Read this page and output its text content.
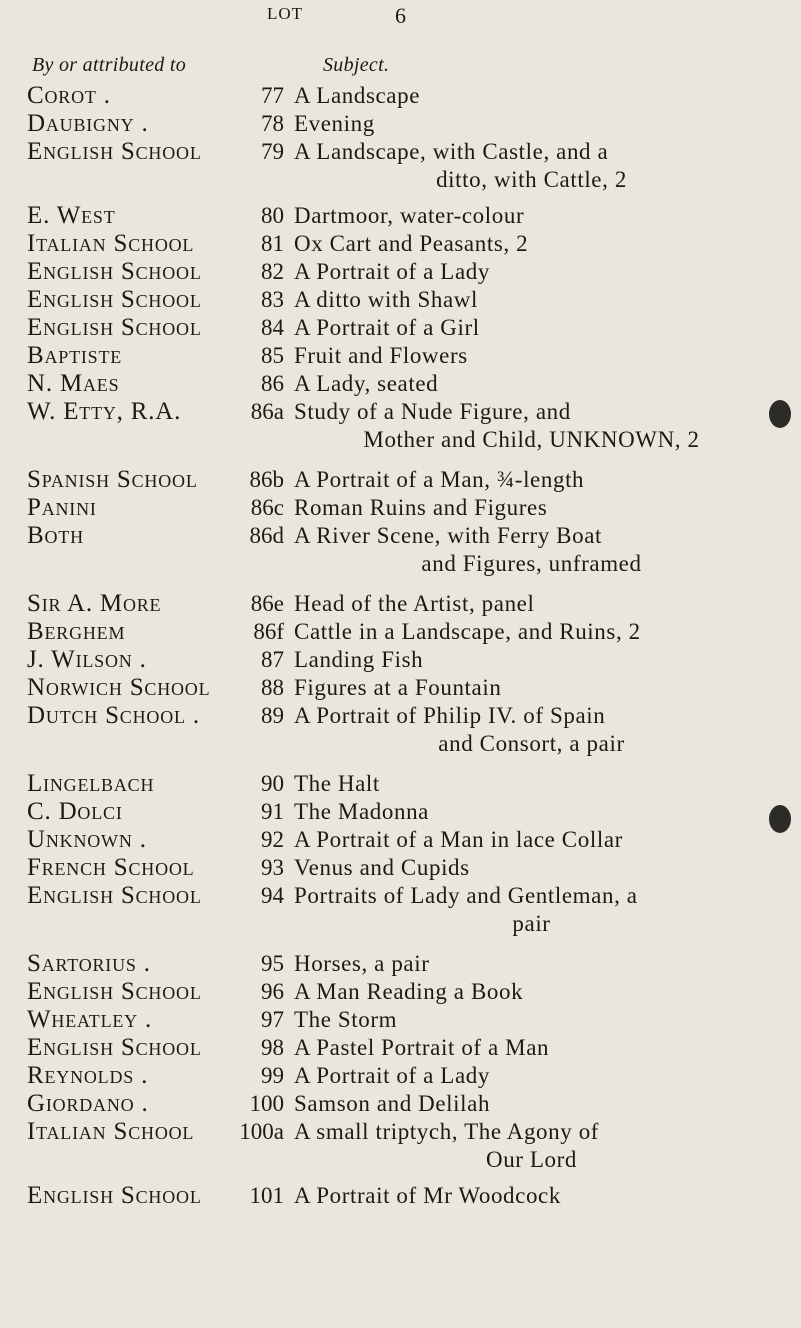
6
By or attributed to
LOT
Subject.
Corot .	77 A Landscape
Daubigny .	78 Evening
English School	79 A Landscape, with Castle, and a
ditto, with Cattle, 2
E. West	80 Dartmoor, water-colour
Italian School	81 Ox Cart and Peasants, 2
English School	82 A Portrait of a Lady
English School	83 A ditto with Shawl
English School	84 A Portrait of a Girl
Baptiste	85 Fruit and Flowers
N. Maes	86 A Lady, seated
W. Etty, R.A.	86a Study of a Nude Figure, and
Mother and Child, UNKNOWN, 2
Spanish School	86b A Portrait of a Man, ¾-length
Panini	86c Roman Ruins and Figures
Both	86d A River Scene, with Ferry Boat
and Figures, unframed
Sir A. More	86e Head of the Artist, panel
Berghem	86f Cattle in a Landscape, and Ruins, 2
J. Wilson .	87 Landing Fish
Norwich School	88 Figures at a Fountain
Dutch School .	89 A Portrait of Philip IV. of Spain
and Consort, a pair
Lingelbach	90 The Halt
C. Dolci	91 The Madonna
Unknown .	92 A Portrait of a Man in lace Collar
French School	93 Venus and Cupids
English School	94 Portraits of Lady and Gentleman, a
pair
Sartorius .	95 Horses, a pair
English School	96 A Man Reading a Book
Wheatley .	97 The Storm
English School	98 A Pastel Portrait of a Man
Reynolds .	99 A Portrait of a Lady
Giordano .	100 Samson and Delilah
Italian School	100a A small triptych, The Agony of
Our Lord
English School	101 A Portrait of Mr Woodcock
